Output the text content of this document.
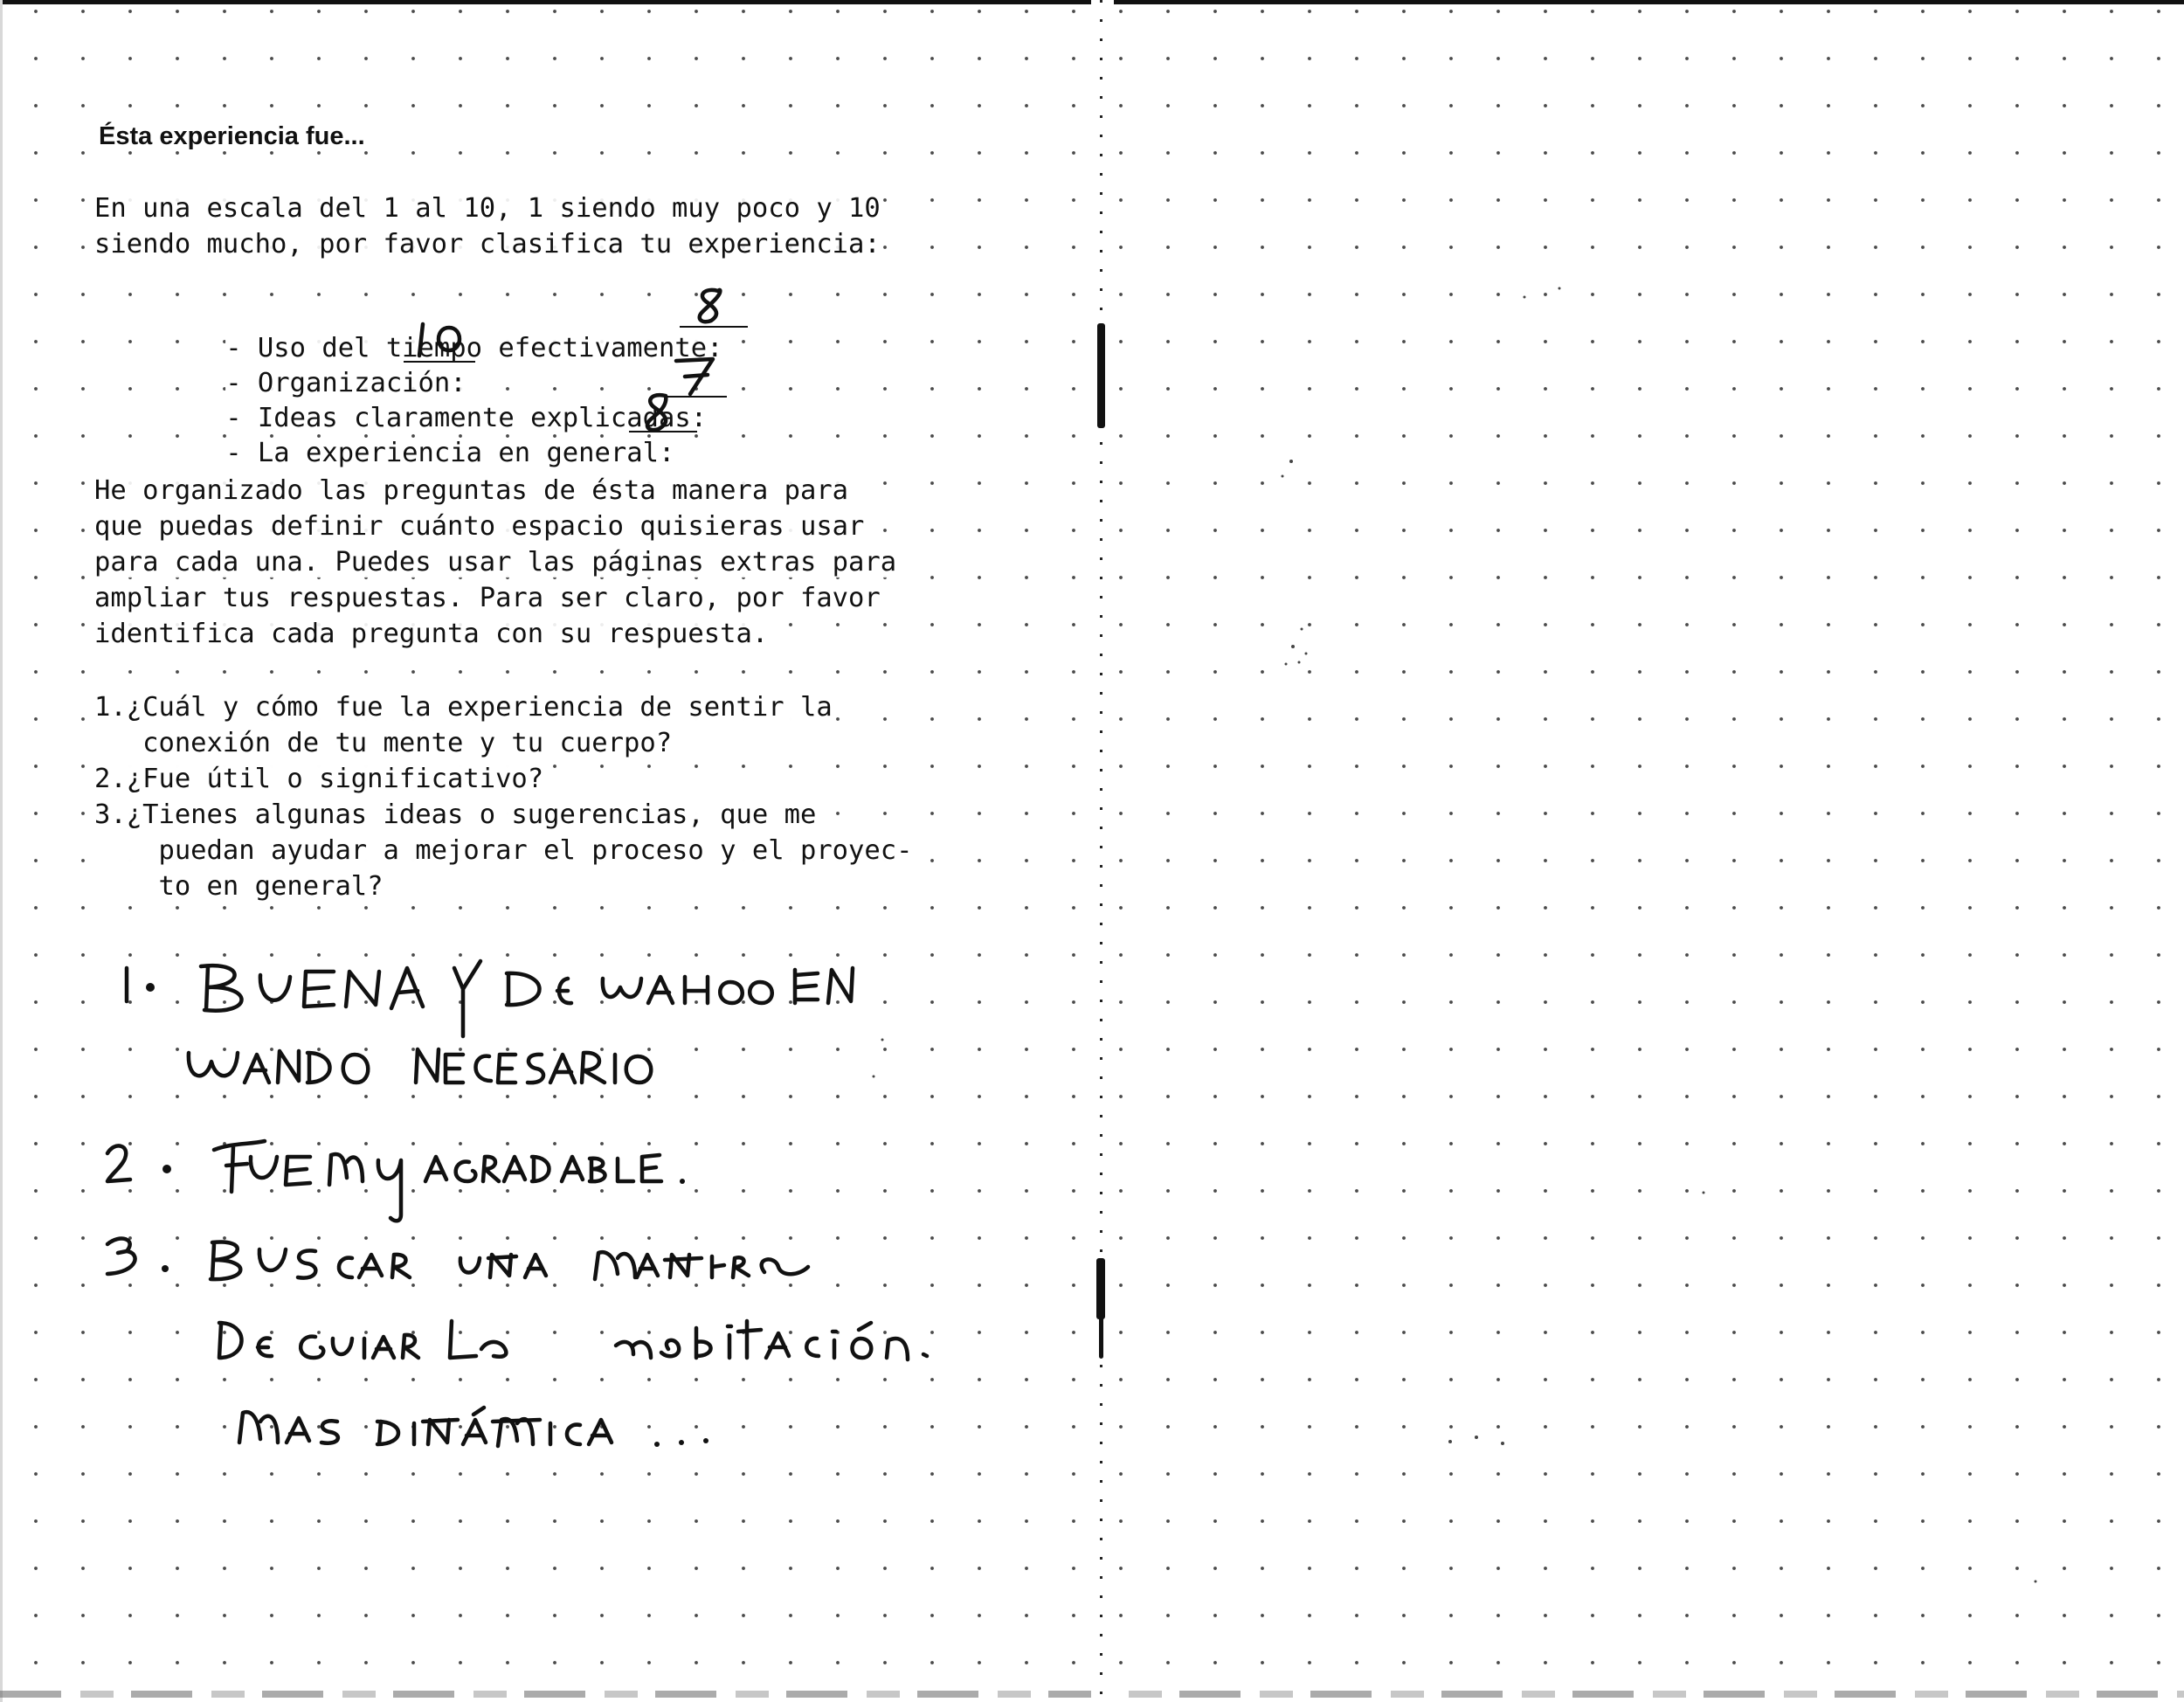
Ésta experiencia fue...
En una escala del 1 al 10, 1 siendo muy poco y 10
siendo mucho, por favor clasifica tu experiencia:

- Uso del tiempo efectivamente:

- Organización:

- Ideas claramente explicadas:

- La experiencia en general:

He organizado las preguntas de ésta manera para
que puedas definir cuánto espacio quisieras usar
para cada una. Puedes usar las páginas extras para
ampliar tus respuestas. Para ser claro, por favor
identifica cada pregunta con su respuesta.
1.¿Cuál y cómo fue la experiencia de sentir la
conexión de tu mente y tu cuerpo?
2.¿Fue útil o significativo?
3.¿Tienes algunas ideas o sugerencias, que me
puedan ayudar a mejorar el proceso y el proyec-
to en general?
